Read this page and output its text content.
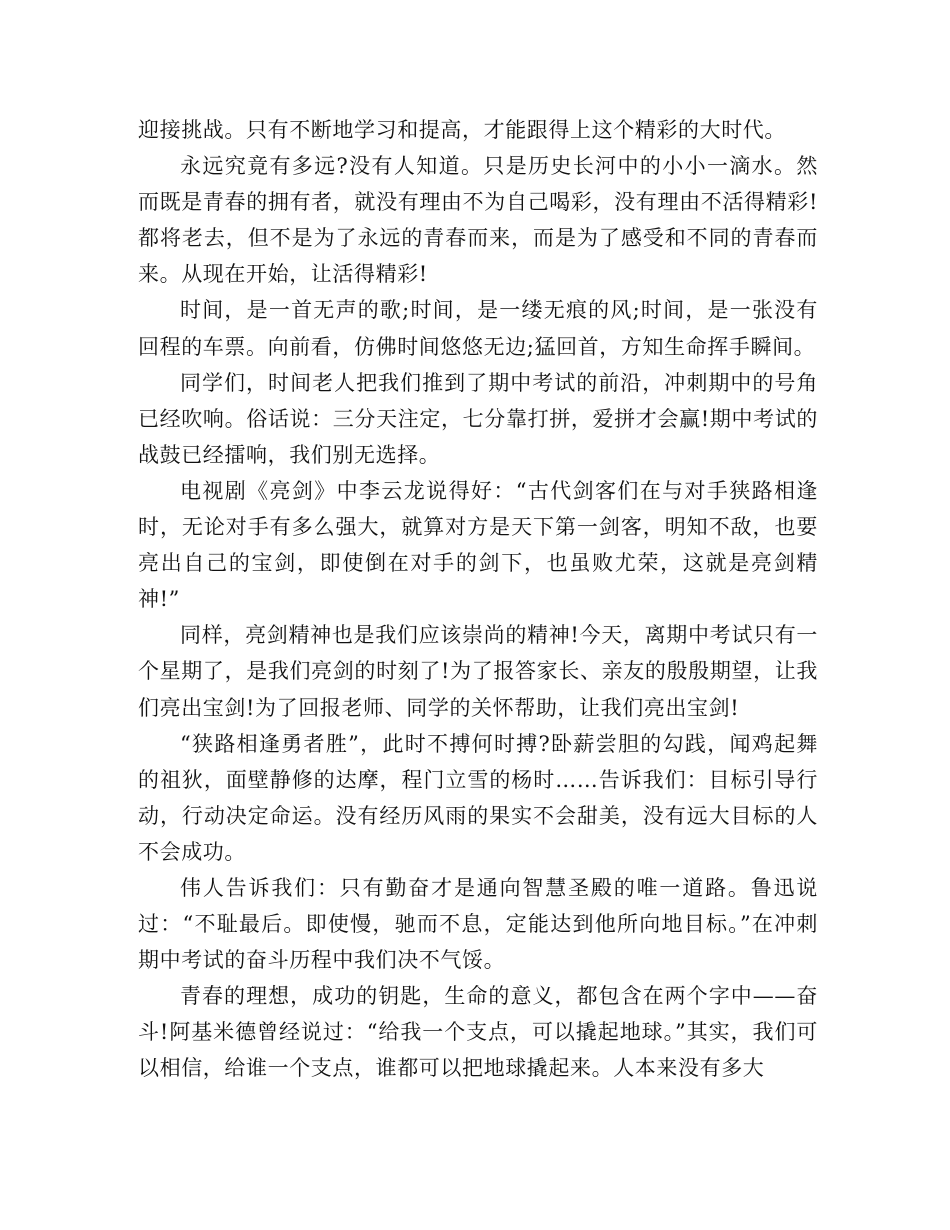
迎接挑战。只有不断地学习和提高，才能跟得上这个精彩的大时代。

永远究竟有多远?没有人知道。只是历史长河中的小小一滴水。然而既是青春的拥有者，就没有理由不为自己喝彩，没有理由不活得精彩!都将老去，但不是为了永远的青春而来，而是为了感受和不同的青春而来。从现在开始，让活得精彩!

时间，是一首无声的歌;时间，是一缕无痕的风;时间，是一张没有回程的车票。向前看，仿佛时间悠悠无边;猛回首，方知生命挥手瞬间。

同学们，时间老人把我们推到了期中考试的前沿，冲刺期中的号角已经吹响。俗话说：三分天注定，七分靠打拼，爱拼才会赢!期中考试的战鼓已经擂响，我们别无选择。

电视剧《亮剑》中李云龙说得好：“古代剑客们在与对手狭路相逢时，无论对手有多么强大，就算对方是天下第一剑客，明知不敌，也要亮出自己的宝剑，即使倒在对手的剑下，也虽败尤荣，这就是亮剑精神!”

同样，亮剑精神也是我们应该崇尚的精神!今天，离期中考试只有一个星期了，是我们亮剑的时刻了!为了报答家长、亲友的殷殷期望，让我们亮出宝剑!为了回报老师、同学的关怀帮助，让我们亮出宝剑!

“狭路相逢勇者胜”，此时不搏何时搏?卧薪尝胆的勾践，闻鸡起舞的祖狄，面壁静修的达摩，程门立雪的杨时……告诉我们：目标引导行动，行动决定命运。没有经历风雨的果实不会甜美，没有远大目标的人不会成功。

伟人告诉我们：只有勤奋才是通向智慧圣殿的唯一道路。鲁迅说过：“不耻最后。即使慢，驰而不息，定能达到他所向地目标。”在冲刺期中考试的奋斗历程中我们决不气馁。

青春的理想，成功的钥匙，生命的意义，都包含在两个字中——奋斗!阿基米德曾经说过：“给我一个支点，可以撬起地球。”其实，我们可以相信，给谁一个支点，谁都可以把地球撬起来。人本来没有多大
